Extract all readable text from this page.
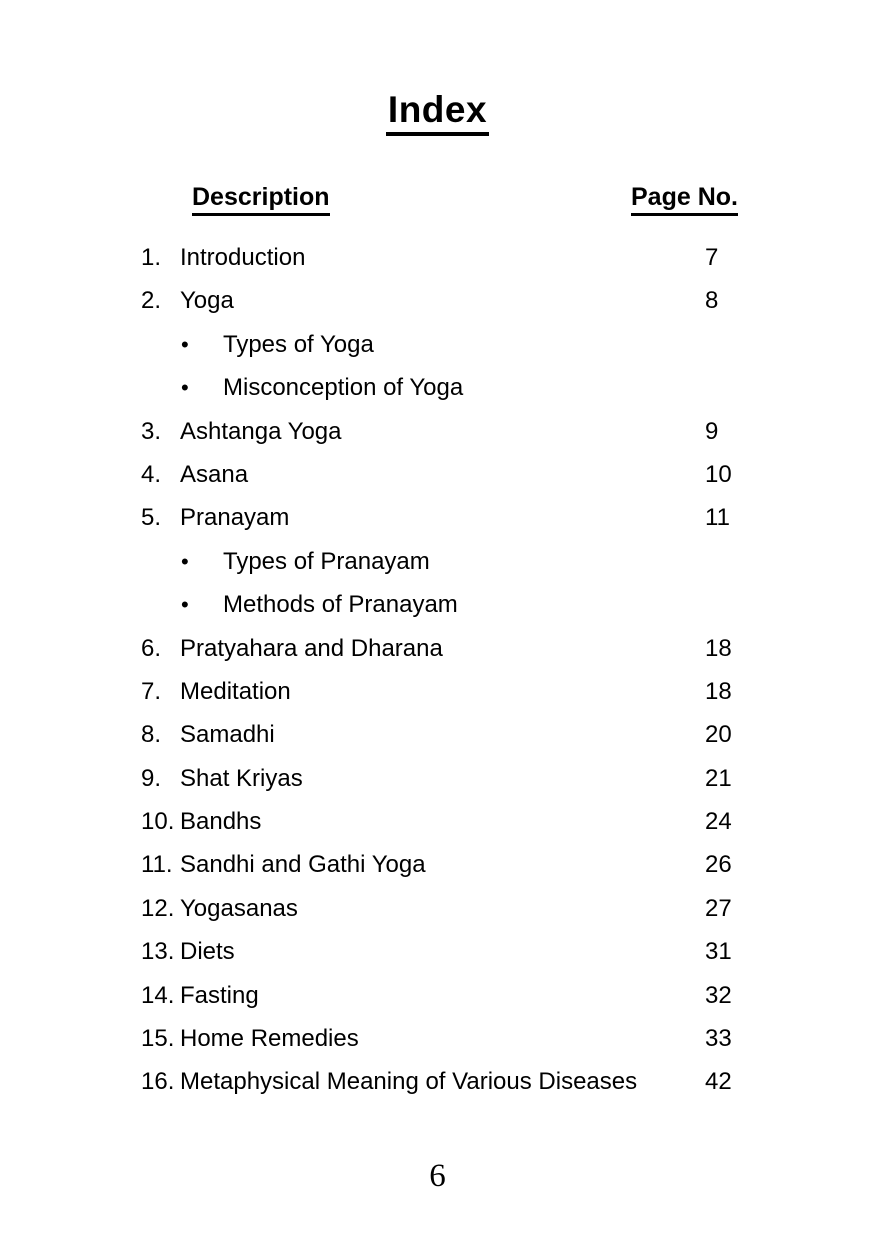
Index
Description	Page No.
1. Introduction	7
2. Yoga	8
• Types of Yoga
• Misconception of Yoga
3. Ashtanga Yoga	9
4. Asana	10
5. Pranayam	11
• Types of Pranayam
• Methods of Pranayam
6. Pratyahara and Dharana	18
7. Meditation	18
8. Samadhi	20
9. Shat Kriyas	21
10. Bandhs	24
11. Sandhi and Gathi Yoga	26
12. Yogasanas	27
13. Diets	31
14. Fasting	32
15. Home Remedies	33
16. Metaphysical Meaning of Various Diseases	42
6
